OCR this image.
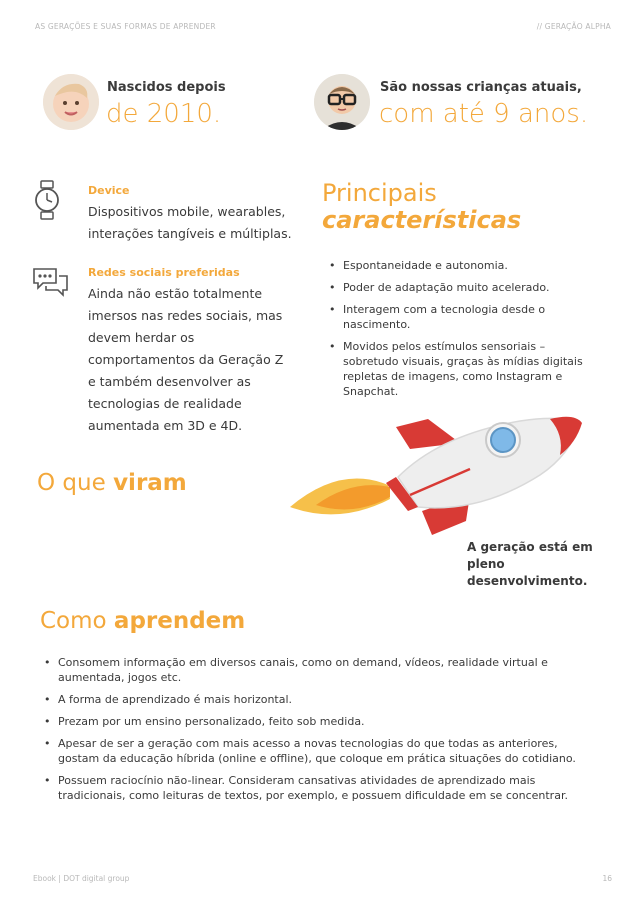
AS GERAÇÕES E SUAS FORMAS DE APRENDER	// GERAÇÃO ALPHA
Nascidos depois
de 2010.
São nossas crianças atuais,
com até 9 anos.
Device
Dispositivos mobile, wearables, interações tangíveis e múltiplas.
Redes sociais preferidas
Ainda não estão totalmente imersos nas redes sociais, mas devem herdar os comportamentos da Geração Z e também desenvolver as tecnologias de realidade aumentada em 3D e 4D.
Principais
características
• Espontaneidade e autonomia.
• Poder de adaptação muito acelerado.
• Interagem com a tecnologia desde o nascimento.
• Movidos pelos estímulos sensoriais – sobretudo visuais, graças às mídias digitais repletas de imagens, como Instagram e Snapchat.
O que viram
A geração está em pleno desenvolvimento.
Como aprendem
• Consomem informação em diversos canais, como on demand, vídeos, realidade virtual e aumentada, jogos etc.
• A forma de aprendizado é mais horizontal.
• Prezam por um ensino personalizado, feito sob medida.
• Apesar de ser a geração com mais acesso a novas tecnologias do que todas as anteriores, gostam da educação híbrida (online e offline), que coloque em prática situações do cotidiano.
• Possuem raciocínio não-linear. Consideram cansativas atividades de aprendizado mais tradicionais, como leituras de textos, por exemplo, e possuem dificuldade em se concentrar.
Ebook | DOT digital group	16
